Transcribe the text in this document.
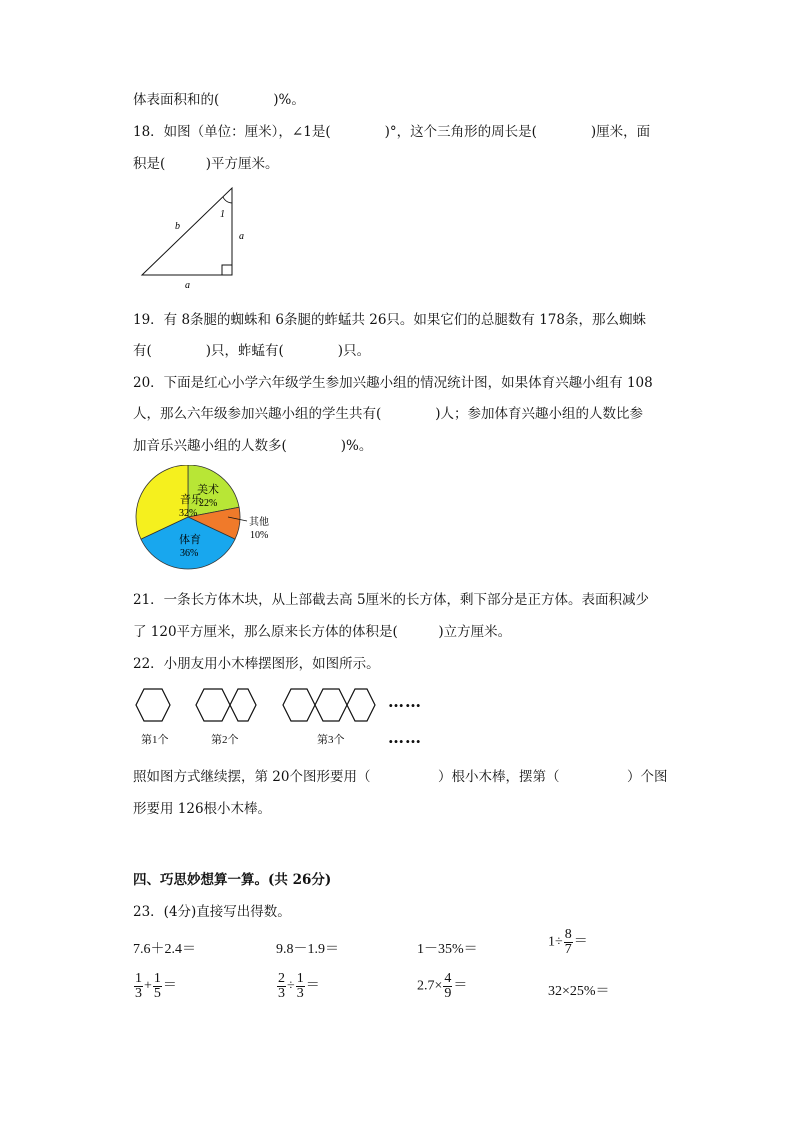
体表面积和的(　　　　)%。
18．如图（单位：厘米），∠1是(　　　　)°，这个三角形的周长是(　　　　)厘米，面
积是(　　　)平方厘米。
1
b
a
a
19．有 8条腿的蜘蛛和 6条腿的蚱蜢共 26只。如果它们的总腿数有 178条，那么蜘蛛
有(　　　　)只，蚱蜢有(　　　　)只。
20．下面是红心小学六年级学生参加兴趣小组的情况统计图，如果体育兴趣小组有 108
人，那么六年级参加兴趣小组的学生共有(　　　　)人；参加体育兴趣小组的人数比参
加音乐兴趣小组的人数多(　　　　)%。
音乐
32%
美术
22%
其他
10%
体育
36%
21．一条长方体木块，从上部截去高 5厘米的长方体，剩下部分是正方体。表面积减少
了 120平方厘米，那么原来长方体的体积是(　　　)立方厘米。
22．小朋友用小木棒摆图形，如图所示。
……
……
第1个	第2个	第3个
照如图方式继续摆，第 20个图形要用（　　　　　）根小木棒，摆第（　　　　　）个图
形要用 126根小木棒。
四、巧思妙想算一算。(共 26分)
23．(4分)直接写出得数。
7.6＋2.4＝	9.8－1.9＝	1－35%＝	$1\div \frac{8}{7}$ ＝
$\frac{1}{3} + \frac{1}{5}$ ＝	$\frac{2}{3} \div \frac{1}{3}$ ＝	$2.7\times \frac{4}{9}$ ＝	32×25%＝
